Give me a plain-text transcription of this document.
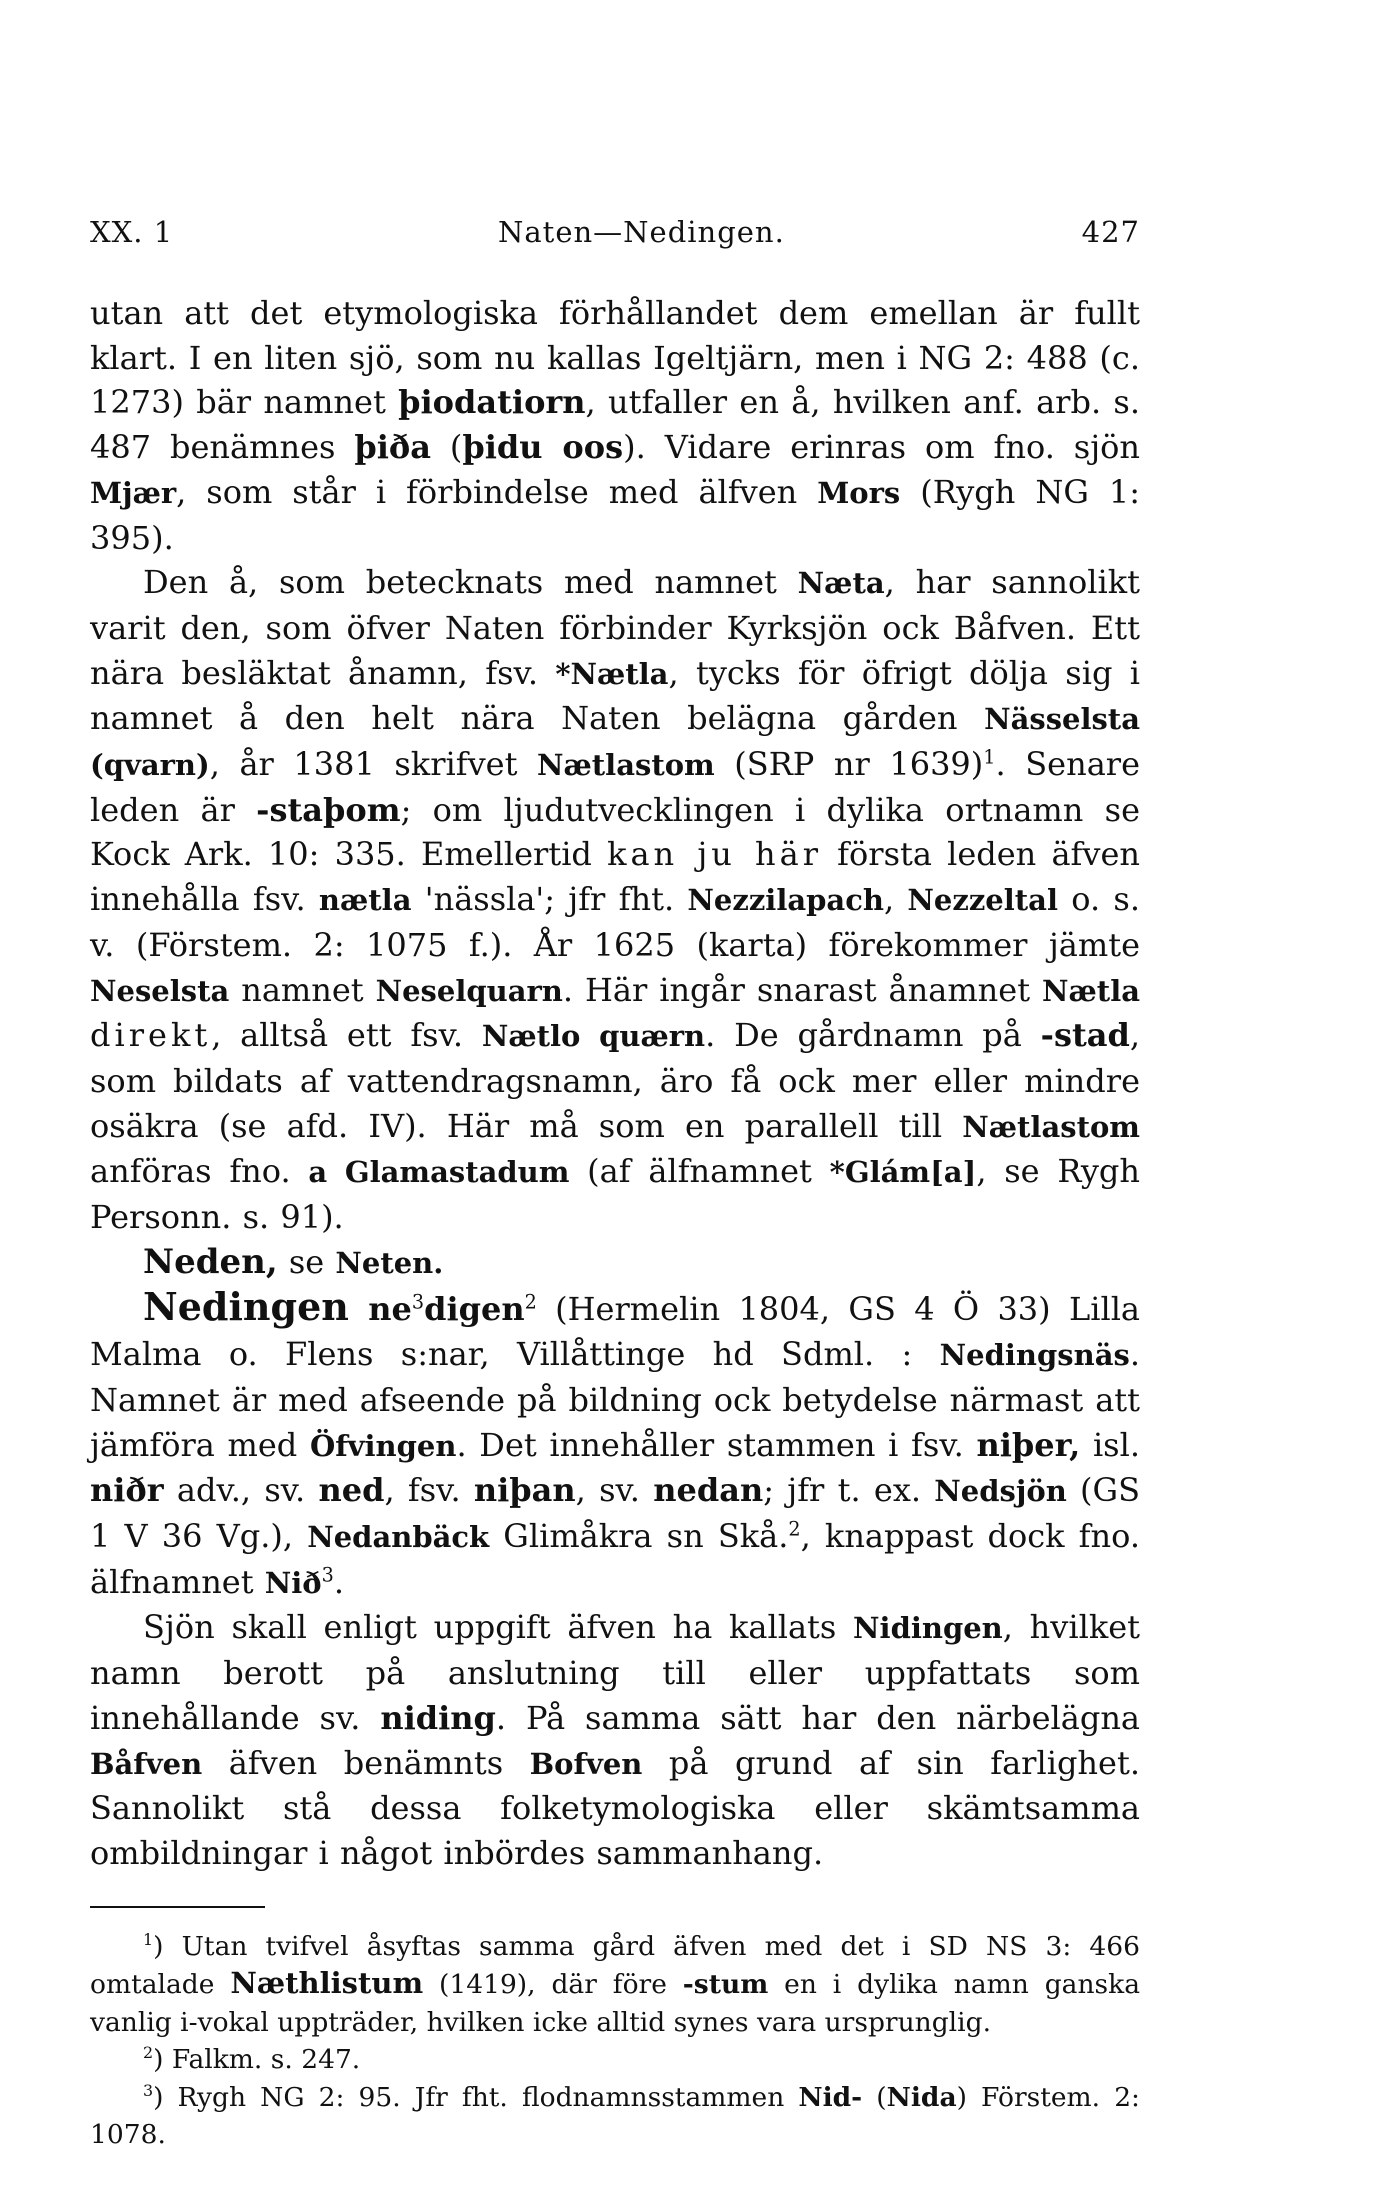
XX. 1	Naten—Nedingen.	427

utan att det etymologiska förhållandet dem emellan är fullt klart. I en liten sjö, som nu kallas Igeltjärn, men i NG 2: 488 (c. 1273) bär namnet þiodatiorn, utfaller en å, hvilken anf. arb. s. 487 benämnes þiða (þidu oos). Vidare erinras om fno. sjön Mjær, som står i förbindelse med älfven Mors (Rygh NG 1: 395).

Den å, som betecknats med namnet Næta, har sannolikt varit den, som öfver Naten förbinder Kyrksjön ock Båfven. Ett nära besläktat ånamn, fsv. *Nætla, tycks för öfrigt dölja sig i namnet å den helt nära Naten belägna gården Nässelsta (qvarn), år 1381 skrifvet Nætlastom (SRP nr 1639)$^1$. Senare leden är -staþom; om ljudutvecklingen i dylika ortnamn se Kock Ark. 10: 335. Emellertid kan ju här första leden äfven innehålla fsv. nætla 'nässla'; jfr fht. Nezzilapach, Nezzeltal o. s. v. (Förstem. 2: 1075 f.). År 1625 (karta) förekommer jämte Neselsta namnet Neselquarn. Här ingår snarast ånamnet Nætla direkt, alltså ett fsv. Nætlo quærn. De gårdnamn på -stad, som bildats af vattendragsnamn, äro få ock mer eller mindre osäkra (se afd. IV). Här må som en parallell till Nætlastom anföras fno. a Glamastadum (af älfnamnet *Glám[a], se Rygh Personn. s. 91).

Neden, se Neten.

Nedingen $ne^3digen^2$ (Hermelin 1804, GS 4 Ö 33) Lilla Malma o. Flens s:nar, Villåttinge hd Sdml. : Nedingsnäs. Namnet är med afseende på bildning ock betydelse närmast att jämföra med Öfvingen. Det innehåller stammen i fsv. niþer, isl. niðr adv., sv. ned, fsv. niþan, sv. nedan; jfr t. ex. Nedsjön (GS 1 V 36 Vg.), Nedanbäck Glimåkra sn Skå.$^2$, knappast dock fno. älfnamnet Nið$^3$.

Sjön skall enligt uppgift äfven ha kallats Nidingen, hvilket namn berott på anslutning till eller uppfattats som innehållande sv. niding. På samma sätt har den närbelägna Båfven äfven benämnts Bofven på grund af sin farlighet. Sannolikt stå dessa folketymologiska eller skämtsamma ombildningar i något inbördes sammanhang.

$^1$) Utan tvifvel åsyftas samma gård äfven med det i SD NS 3: 466 omtalade Næthlistum (1419), där före -stum en i dylika namn ganska vanlig i-vokal uppträder, hvilken icke alltid synes vara ursprunglig.

$^2$) Falkm. s. 247.

$^3$) Rygh NG 2: 95. Jfr fht. flodnamnsstammen Nid- (Nida) Förstem. 2: 1078.
